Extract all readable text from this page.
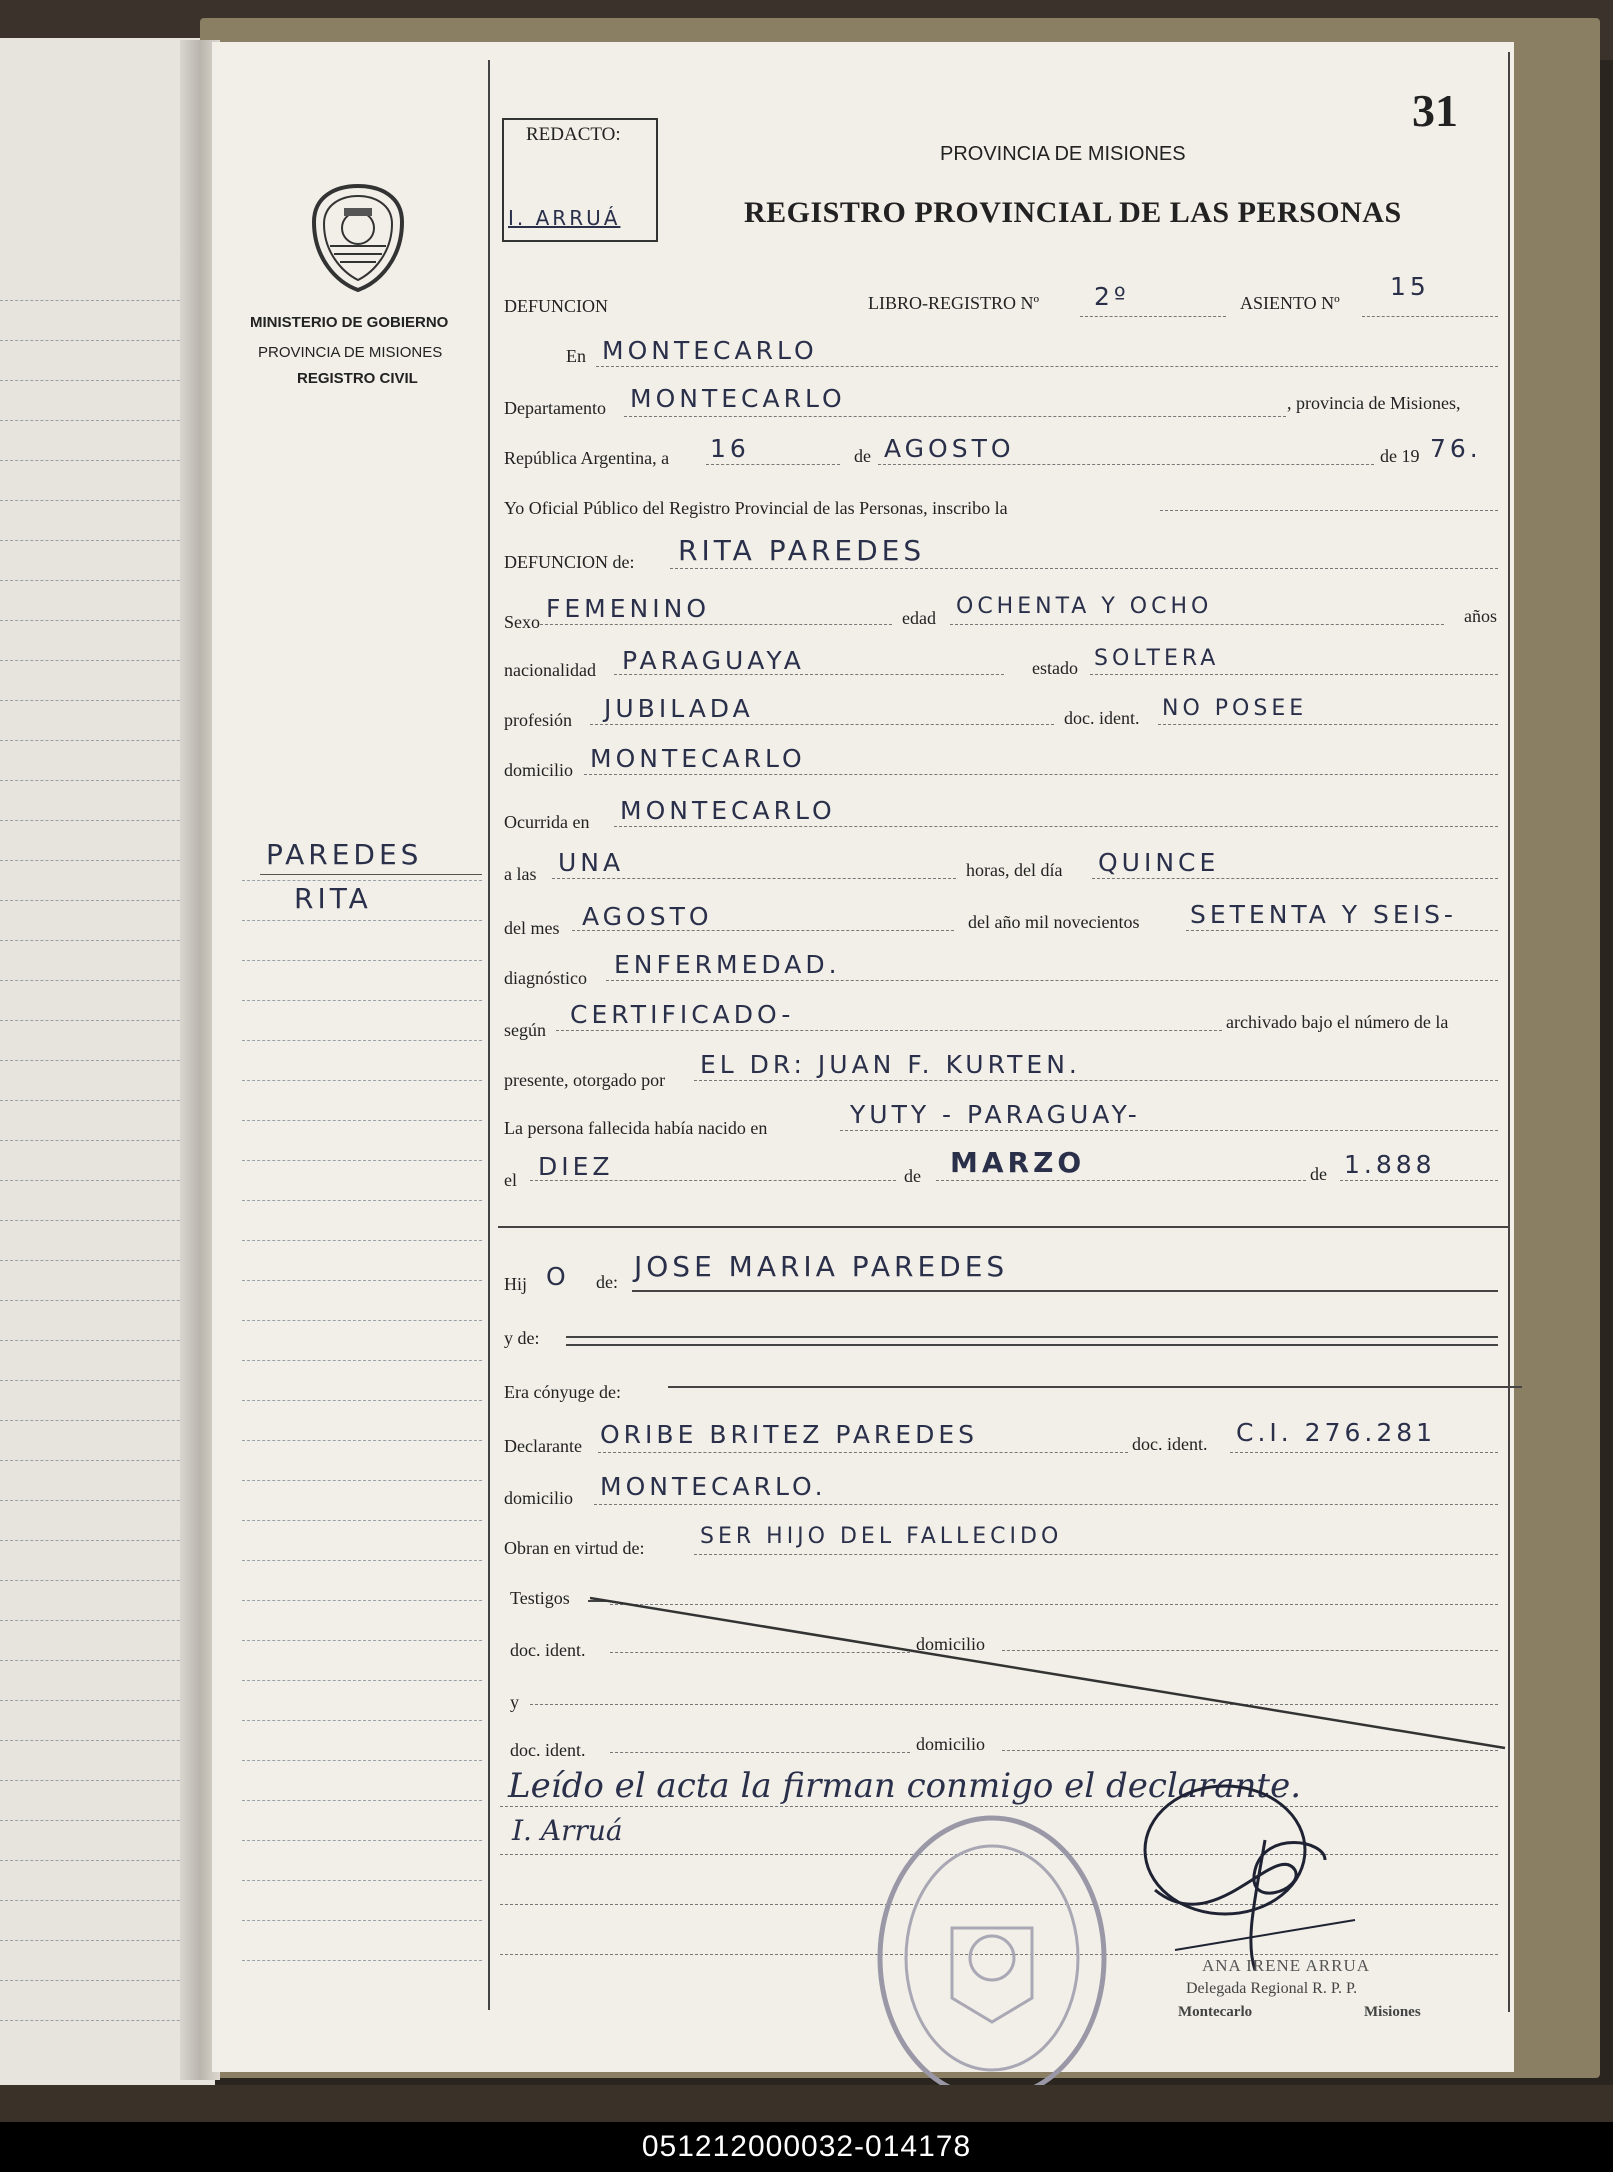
31
REDACTO:
I. ARRUÁ
MINISTERIO DE GOBIERNO
PROVINCIA DE MISIONES
REGISTRO CIVIL
PAREDES
RITA
PROVINCIA DE MISIONES
REGISTRO PROVINCIAL DE LAS PERSONAS
DEFUNCION	LIBRO-REGISTRO Nº 2º	ASIENTO Nº
15
En MONTECARLO
Departamento MONTECARLO	, provincia de Misiones,
República Argentina, a 16	de AGOSTO	de 19 76.
Yo Oficial Público del Registro Provincial de las Personas, inscribo la
DEFUNCION de: RITA PAREDES
Sexo FEMENINO	edad OCHENTA Y OCHO	años
nacionalidad PARAGUAYA	estado SOLTERA
profesión JUBILADA	doc. ident. NO POSEE
domicilio MONTECARLO
Ocurrida en MONTECARLO
a las UNA	horas, del día QUINCE
del mes AGOSTO	del año mil novecientos SETENTA Y SEIS-
diagnóstico ENFERMEDAD.
según
CERTIFICADO-	archivado bajo el número de la
presente, otorgado por
EL DR: JUAN F. KURTEN.
La persona fallecida había nacido en	YUTY - PARAGUAY-
el DIEZ	de MARZO	de 1.888
Hij O de: JOSE MARIA PAREDES
y de:
Era cónyuge de:
Declarante ORIBE BRITEZ PAREDES	doc. ident. C.I. 276.281
domicilio MONTECARLO.
Obran en virtud de:	SER HIJO DEL FALLECIDO
Testigos
doc. ident.	domicilio
y
doc. ident.	domicilio
Leído el acta la firman conmigo el declarante.
I. Arruá
ANA IRENE ARRUA
Delegada Regional R. P. P.
Montecarlo	Misiones
051212000032-014178
